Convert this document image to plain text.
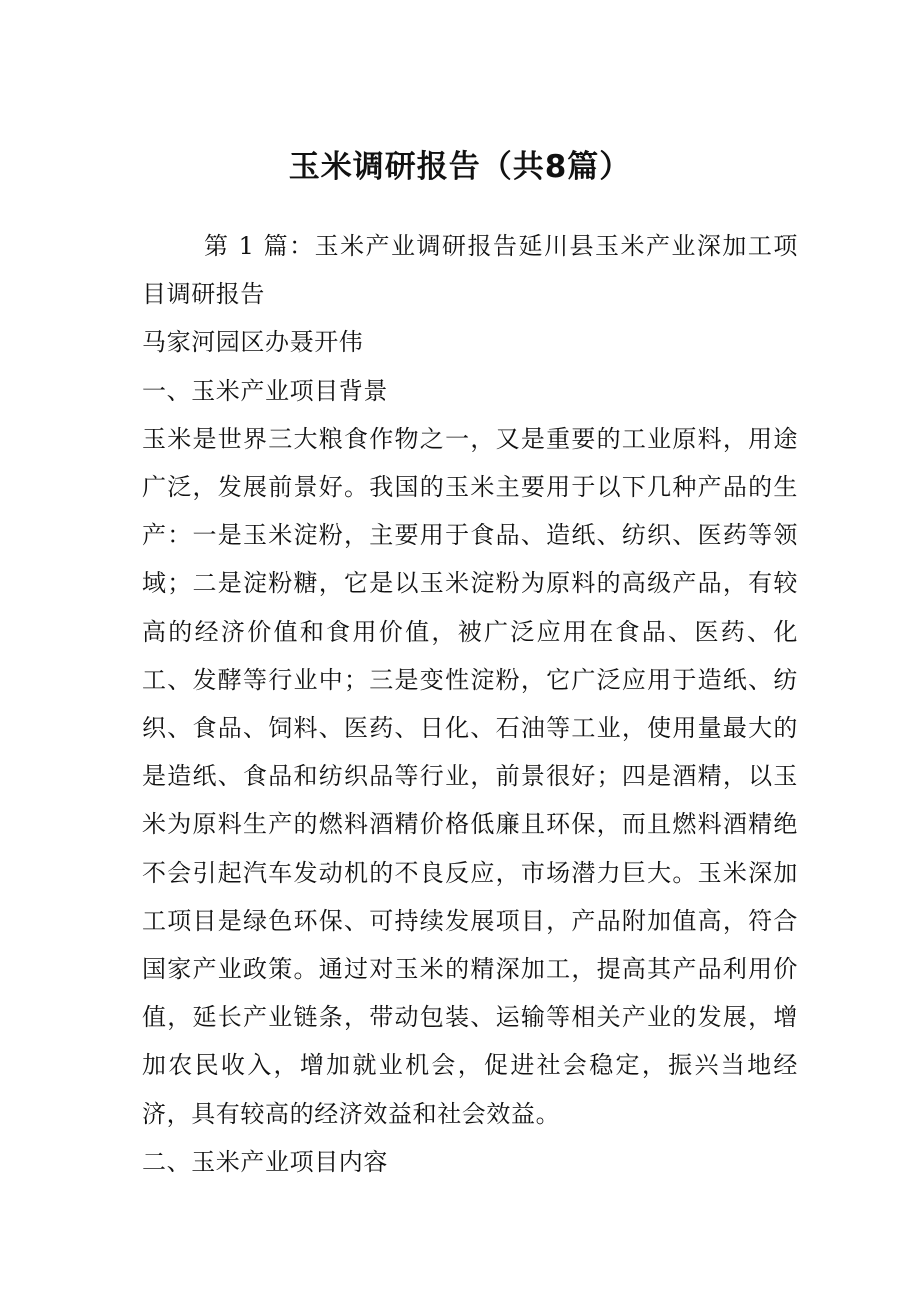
玉米调研报告（共8篇）

第 1 篇：玉米产业调研报告延川县玉米产业深加工项目调研报告

马家河园区办聂开伟

一、玉米产业项目背景

玉米是世界三大粮食作物之一，又是重要的工业原料，用途广泛，发展前景好。我国的玉米主要用于以下几种产品的生产：一是玉米淀粉，主要用于食品、造纸、纺织、医药等领域；二是淀粉糖，它是以玉米淀粉为原料的高级产品，有较高的经济价值和食用价值，被广泛应用在食品、医药、化工、发酵等行业中；三是变性淀粉，它广泛应用于造纸、纺织、食品、饲料、医药、日化、石油等工业，使用量最大的是造纸、食品和纺织品等行业，前景很好；四是酒精，以玉米为原料生产的燃料酒精价格低廉且环保，而且燃料酒精绝不会引起汽车发动机的不良反应，市场潜力巨大。玉米深加工项目是绿色环保、可持续发展项目，产品附加值高，符合国家产业政策。通过对玉米的精深加工，提高其产品利用价值，延长产业链条，带动包装、运输等相关产业的发展，增加农民收入，增加就业机会，促进社会稳定，振兴当地经济，具有较高的经济效益和社会效益。

二、玉米产业项目内容
